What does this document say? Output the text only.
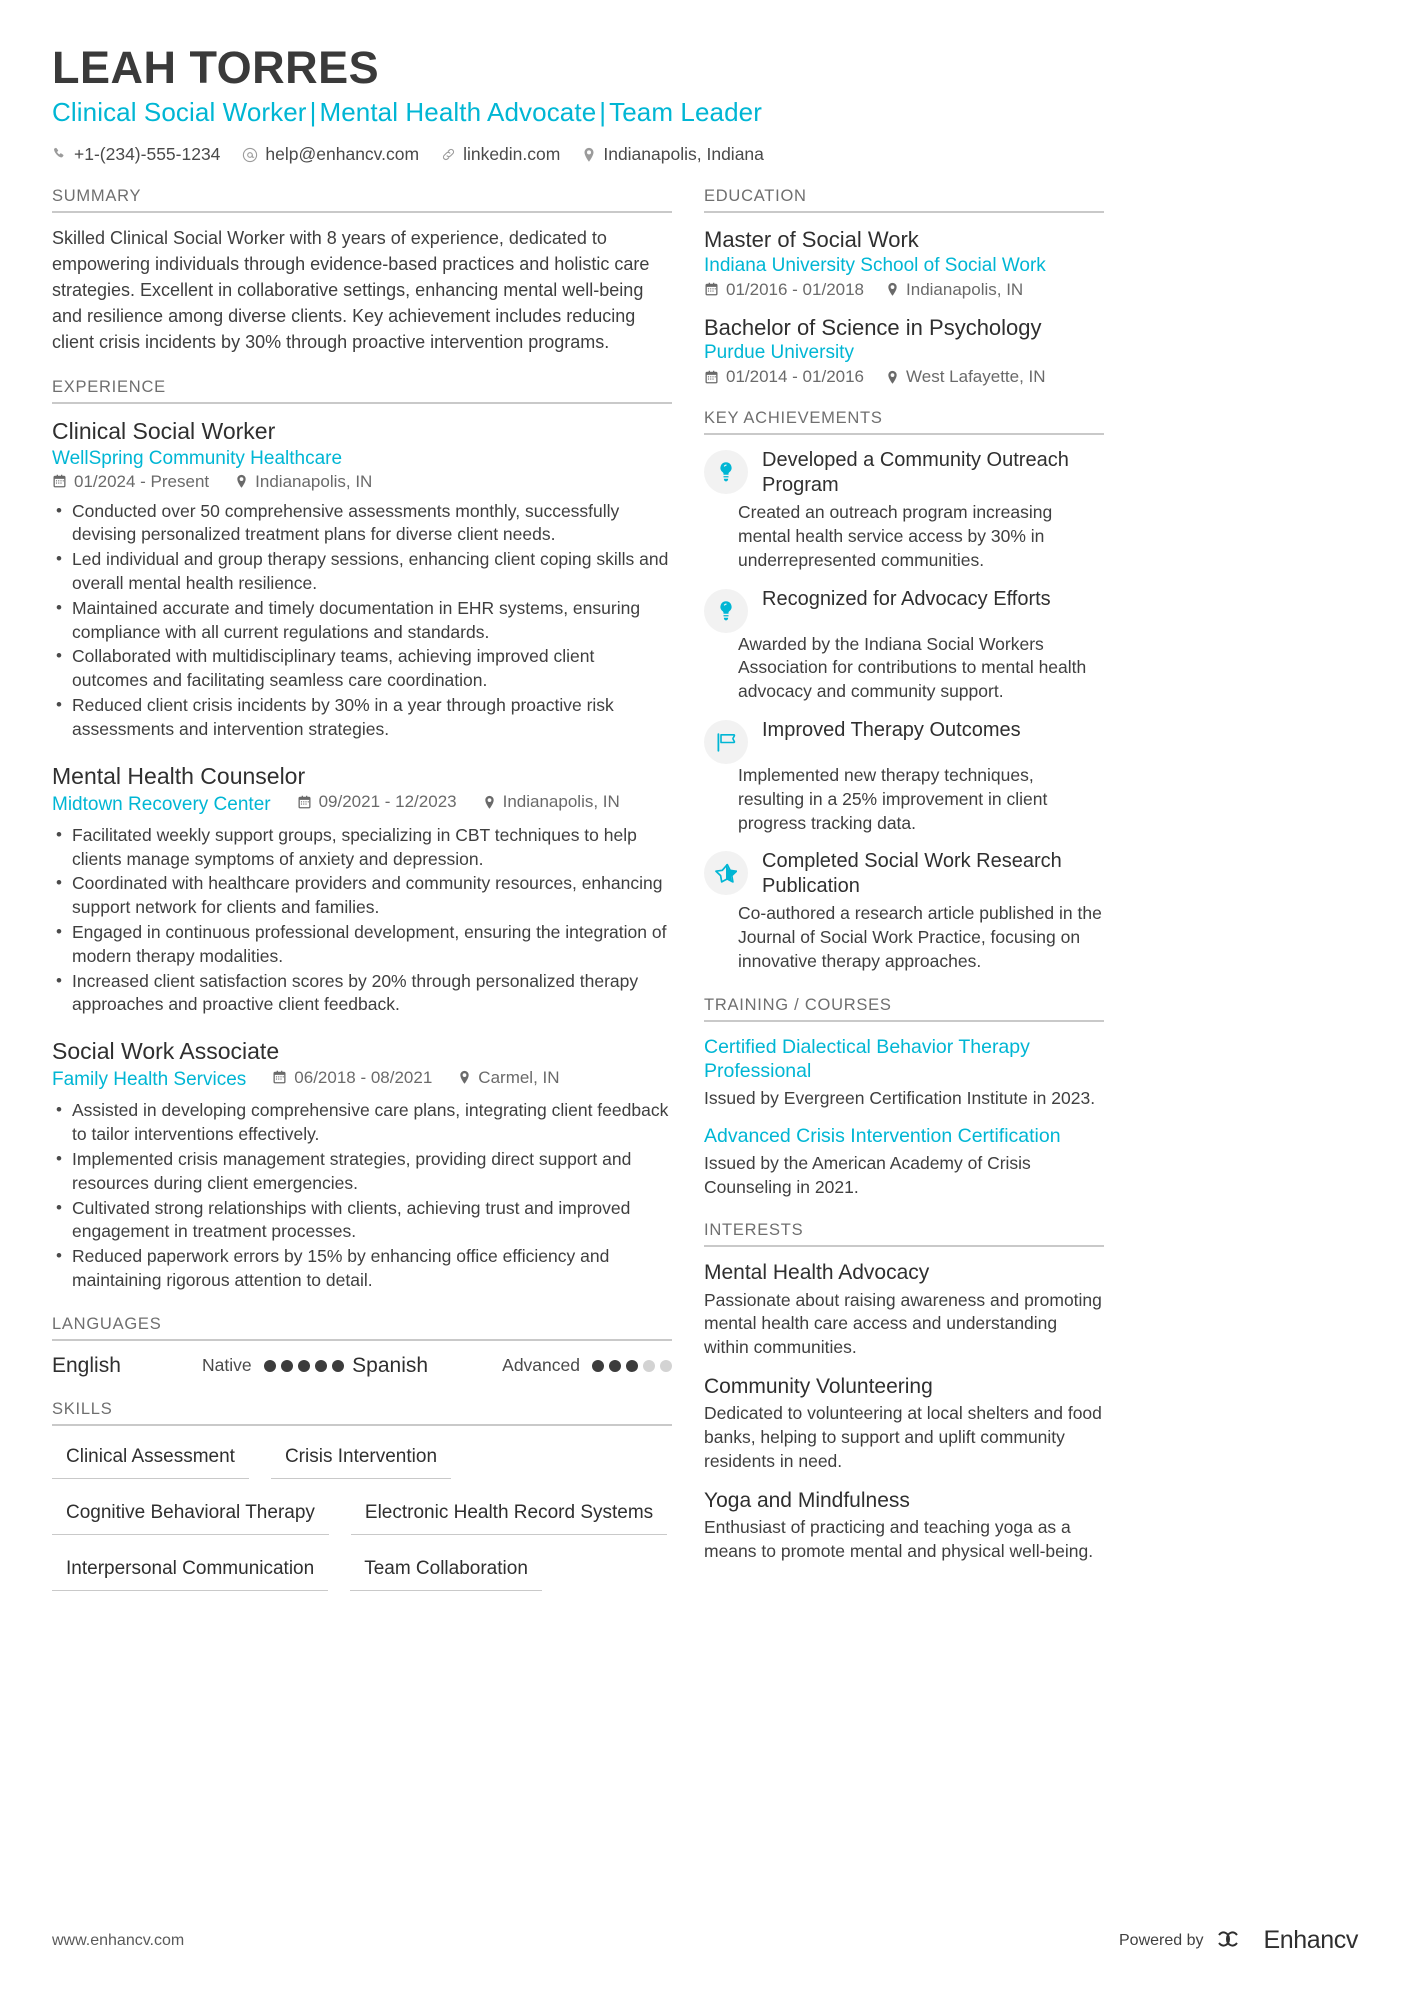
LEAH TORRES
Clinical Social Worker | Mental Health Advocate | Team Leader
+1-(234)-555-1234	help@enhancv.com	linkedin.com Indianapolis, Indiana
SUMMARY
Skilled Clinical Social Worker with 8 years of experience, dedicated to empowering individuals through evidence-based practices and holistic care strategies. Excellent in collaborative settings, enhancing mental well-being and resilience among diverse clients. Key achievement includes reducing client crisis incidents by 30% through proactive intervention programs.
EXPERIENCE
Clinical Social Worker
WellSpring Community Healthcare
01/2024 - Present	Indianapolis, IN
• Conducted over 50 comprehensive assessments monthly, successfully devising personalized treatment plans for diverse client needs.
• Led individual and group therapy sessions, enhancing client coping skills and overall mental health resilience.
• Maintained accurate and timely documentation in EHR systems, ensuring compliance with all current regulations and standards.
• Collaborated with multidisciplinary teams, achieving improved client outcomes and facilitating seamless care coordination.
• Reduced client crisis incidents by 30% in a year through proactive risk assessments and intervention strategies.
Mental Health Counselor
Midtown Recovery Center	09/2021 - 12/2023	Indianapolis, IN
• Facilitated weekly support groups, specializing in CBT techniques to help clients manage symptoms of anxiety and depression.
• Coordinated with healthcare providers and community resources, enhancing support network for clients and families.
• Engaged in continuous professional development, ensuring the integration of modern therapy modalities.
• Increased client satisfaction scores by 20% through personalized therapy approaches and proactive client feedback.
Social Work Associate
Family Health Services	06/2018 - 08/2021	Carmel, IN
• Assisted in developing comprehensive care plans, integrating client feedback to tailor interventions effectively.
• Implemented crisis management strategies, providing direct support and resources during client emergencies.
• Cultivated strong relationships with clients, achieving trust and improved engagement in treatment processes.
• Reduced paperwork errors by 15% by enhancing office efficiency and maintaining rigorous attention to detail.
LANGUAGES
English	Native	Spanish	Advanced
SKILLS
Clinical Assessment	Crisis Intervention
Cognitive Behavioral Therapy	Electronic Health Record Systems
Interpersonal Communication	Team Collaboration
EDUCATION
Master of Social Work
Indiana University School of Social Work
01/2016 - 01/2018 Indianapolis, IN
Bachelor of Science in Psychology
Purdue University
01/2014 - 01/2016 West Lafayette, IN
KEY ACHIEVEMENTS
Developed a Community Outreach Program
Created an outreach program increasing mental health service access by 30% in underrepresented communities.
Recognized for Advocacy Efforts
Awarded by the Indiana Social Workers Association for contributions to mental health advocacy and community support.
Improved Therapy Outcomes
Implemented new therapy techniques, resulting in a 25% improvement in client progress tracking data.
Completed Social Work Research Publication
Co-authored a research article published in the Journal of Social Work Practice, focusing on innovative therapy approaches.
TRAINING / COURSES
Certified Dialectical Behavior Therapy Professional
Issued by Evergreen Certification Institute in 2023.
Advanced Crisis Intervention Certification
Issued by the American Academy of Crisis Counseling in 2021.
INTERESTS
Mental Health Advocacy
Passionate about raising awareness and promoting mental health care access and understanding within communities.
Community Volunteering
Dedicated to volunteering at local shelters and food banks, helping to support and uplift community residents in need.
Yoga and Mindfulness
Enthusiast of practicing and teaching yoga as a means to promote mental and physical well-being.
www.enhancv.com	Powered by Enhancv
